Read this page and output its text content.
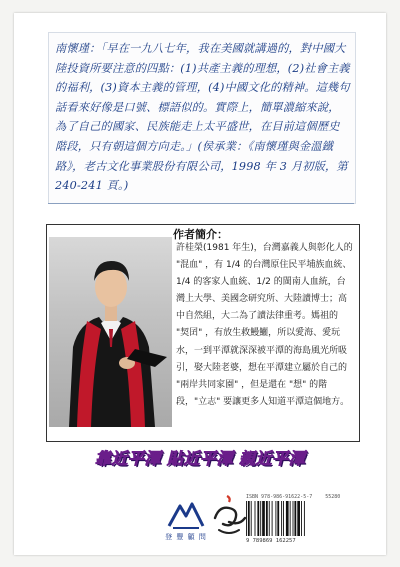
南懷瑾：「早在一九八七年，我在美國就講過的，對中國大陸投資所要注意的四點：(1)共產主義的理想，(2)社會主義的福利，(3)資本主義的管理，(4)中國文化的精神。這幾句話看來好像是口號、標語似的。實際上，簡單濃縮來說，為了自己的國家、民族能走上太平盛世，在目前這個歷史階段，只有朝這個方向走。」(侯承業：《南懷瑾與金溫鐵路》，老古文化事業股份有限公司，1998 年 3 月初版，第 240-241 頁。)
作者簡介：
許桂榮(1981 年生)，台灣嘉義人與彰化人的 "混血" ，有 1/4 的台灣原住民平埔族血統、1/4 的客家人血統、1/2 的閩南人血統，台灣上大學、美國念研究所、大陸讀博士；高中自然組，大二為了讀法律重考。媽祖的 "契囝" ，有放生救鰻鱺，所以愛海、愛玩水，一到平潭就深深被平潭的海島風光所吸引，娶大陸老婆，想在平潭建立屬於自己的 "兩岸共同家園" ，但是還在 "想" 的階段，"立志" 要讓更多人知道平潭這個地方。
靠近平潭 貼近平潭 親近平潭
登 豐 顧 問
ISBN 978-986-91622-5-7	55280
9 789869 162257
